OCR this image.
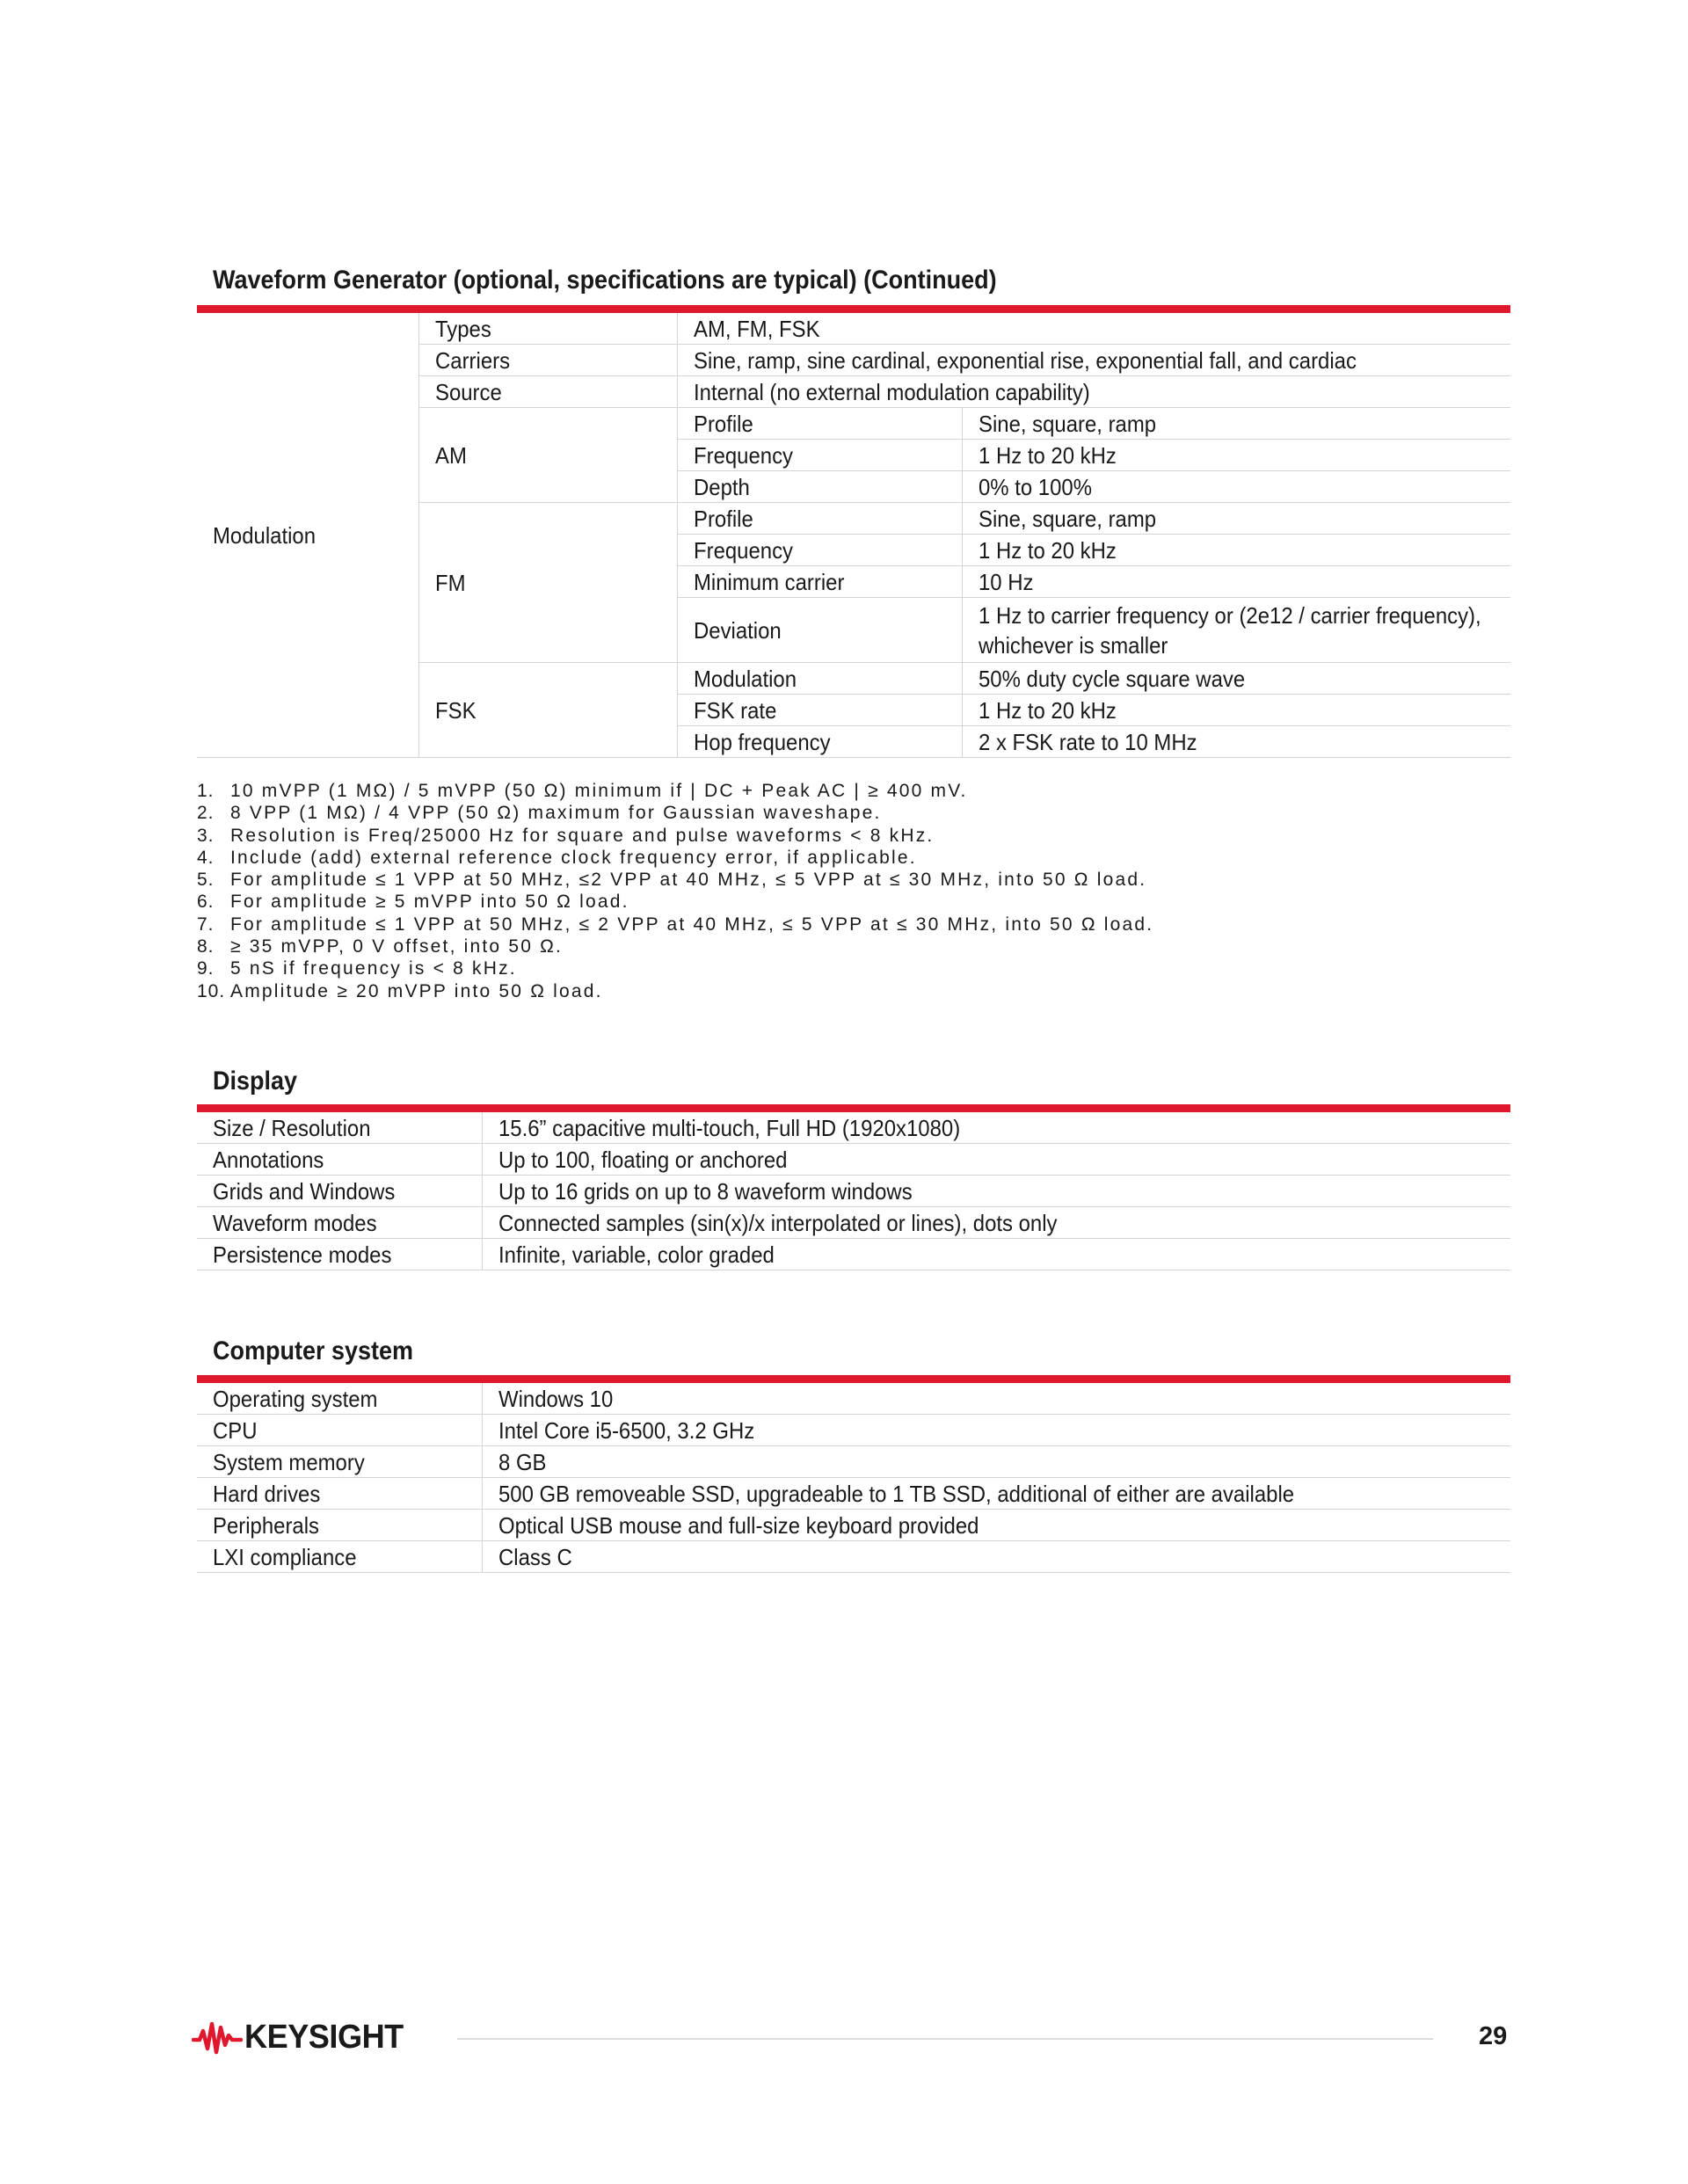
Waveform Generator (optional, specifications are typical) (Continued)
Modulation	Types	AM, FM, FSK	
	Carriers	Sine, ramp, sine cardinal, exponential rise, exponential fall, and cardiac	
	Source	Internal (no external modulation capability)	
	AM	Profile	Sine, square, ramp
		Frequency	1 Hz to 20 kHz
		Depth	0% to 100%
	FM	Profile	Sine, square, ramp
		Frequency	1 Hz to 20 kHz
		Minimum carrier	10 Hz
		Deviation	1 Hz to carrier frequency or (2e12 / carrier frequency), whichever is smaller
	FSK	Modulation	50% duty cycle square wave
		FSK rate	1 Hz to 20 kHz
		Hop frequency	2 x FSK rate to 10 MHz
1. 10 mVPP (1 MΩ) / 5 mVPP (50 Ω) minimum if | DC + Peak AC | ≥ 400 mV.
2. 8 VPP (1 MΩ) / 4 VPP (50 Ω) maximum for Gaussian waveshape.
3. Resolution is Freq/25000 Hz for square and pulse waveforms < 8 kHz.
4. Include (add) external reference clock frequency error, if applicable.
5. For amplitude ≤ 1 VPP at 50 MHz, ≤2 VPP at 40 MHz, ≤ 5 VPP at ≤ 30 MHz, into 50 Ω load.
6. For amplitude ≥ 5 mVPP into 50 Ω load.
7. For amplitude ≤ 1 VPP at 50 MHz, ≤ 2 VPP at 40 MHz, ≤ 5 VPP at ≤ 30 MHz, into 50 Ω load.
8. ≥ 35 mVPP, 0 V offset, into 50 Ω.
9. 5 nS if frequency is < 8 kHz.
10. Amplitude ≥ 20 mVPP into 50 Ω load.
Display
Size / Resolution	15.6” capacitive multi-touch, Full HD (1920x1080)
Annotations	Up to 100, floating or anchored
Grids and Windows	Up to 16 grids on up to 8 waveform windows
Waveform modes	Connected samples (sin(x)/x interpolated or lines), dots only
Persistence modes	Infinite, variable, color graded
Computer system
Operating system	Windows 10
CPU	Intel Core i5-6500, 3.2 GHz
System memory	8 GB
Hard drives	500 GB removeable SSD, upgradeable to 1 TB SSD, additional of either are available
Peripherals	Optical USB mouse and full-size keyboard provided
LXI compliance	Class C
KEYSIGHT	29
